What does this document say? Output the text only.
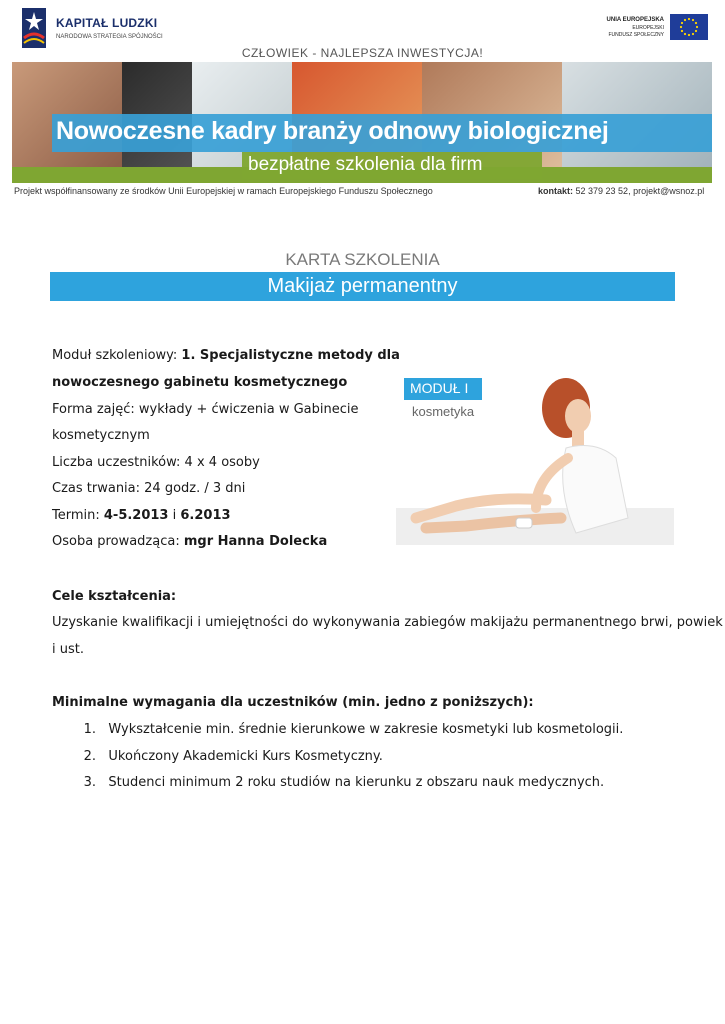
KAPITAŁ LUDZKI
NARODOWA STRATEGIA SPÓJNOŚCI
UNIA EUROPEJSKA
EUROPEJSKI
FUNDUSZ SPOŁECZNY
CZŁOWIEK - NAJLEPSZA INWESTYCJA!
Nowoczesne kadry branży odnowy biologicznej
bezpłatne szkolenia dla firm
Projekt współfinansowany ze środków Unii Europejskiej w ramach Europejskiego Funduszu Społecznego	kontakt: 52 379 23 52, projekt@wsnoz.pl
KARTA SZKOLENIA
Makijaż permanentny
Moduł szkoleniowy: 1. Specjalistyczne metody dla
nowoczesnego gabinetu kosmetycznego
Forma zajęć: wykłady + ćwiczenia w Gabinecie
kosmetycznym
Liczba uczestników: 4 x 4 osoby
Czas trwania: 24 godz. / 3 dni
Termin: 4-5.2013 i 6.2013
Osoba prowadząca: mgr Hanna Dolecka
MODUŁ I
kosmetyka
Cele kształcenia:
Uzyskanie kwalifikacji i umiejętności do wykonywania zabiegów makijażu permanentnego brwi, powiek
i ust.
Minimalne wymagania dla uczestników (min. jedno z poniższych):
1. Wykształcenie min. średnie kierunkowe w zakresie kosmetyki lub kosmetologii.
2. Ukończony Akademicki Kurs Kosmetyczny.
3. Studenci minimum 2 roku studiów na kierunku z obszaru nauk medycznych.
